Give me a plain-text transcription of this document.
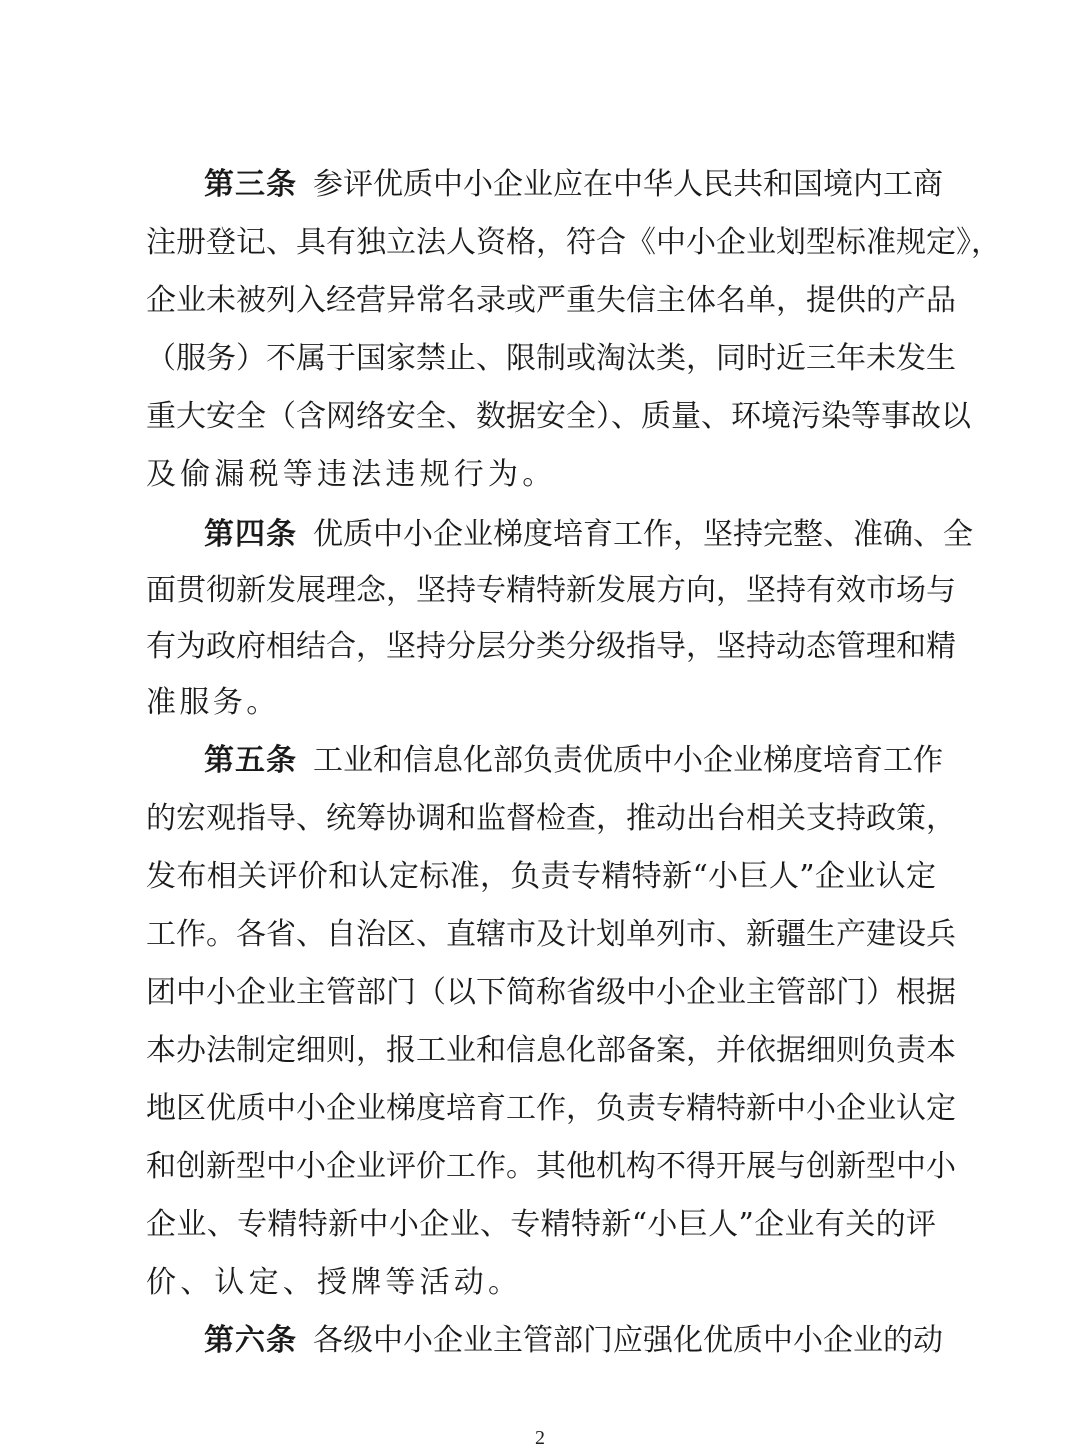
第三条 参评优质中小企业应在中华人民共和国境内工商
注册登记、具有独立法人资格，符合《中小企业划型标准规定》，
企业未被列入经营异常名录或严重失信主体名单，提供的产品
（服务）不属于国家禁止、限制或淘汰类，同时近三年未发生
重大安全（含网络安全、数据安全）、质量、环境污染等事故以
及偷漏税等违法违规行为。
第四条 优质中小企业梯度培育工作，坚持完整、准确、全
面贯彻新发展理念，坚持专精特新发展方向，坚持有效市场与
有为政府相结合，坚持分层分类分级指导，坚持动态管理和精
准服务。
第五条 工业和信息化部负责优质中小企业梯度培育工作
的宏观指导、统筹协调和监督检查，推动出台相关支持政策，
发布相关评价和认定标准，负责专精特新“小巨人”企业认定
工作。各省、自治区、直辖市及计划单列市、新疆生产建设兵
团中小企业主管部门（以下简称省级中小企业主管部门）根据
本办法制定细则，报工业和信息化部备案，并依据细则负责本
地区优质中小企业梯度培育工作，负责专精特新中小企业认定
和创新型中小企业评价工作。其他机构不得开展与创新型中小
企业、专精特新中小企业、专精特新“小巨人”企业有关的评
价、认定、授牌等活动。
第六条 各级中小企业主管部门应强化优质中小企业的动
2
